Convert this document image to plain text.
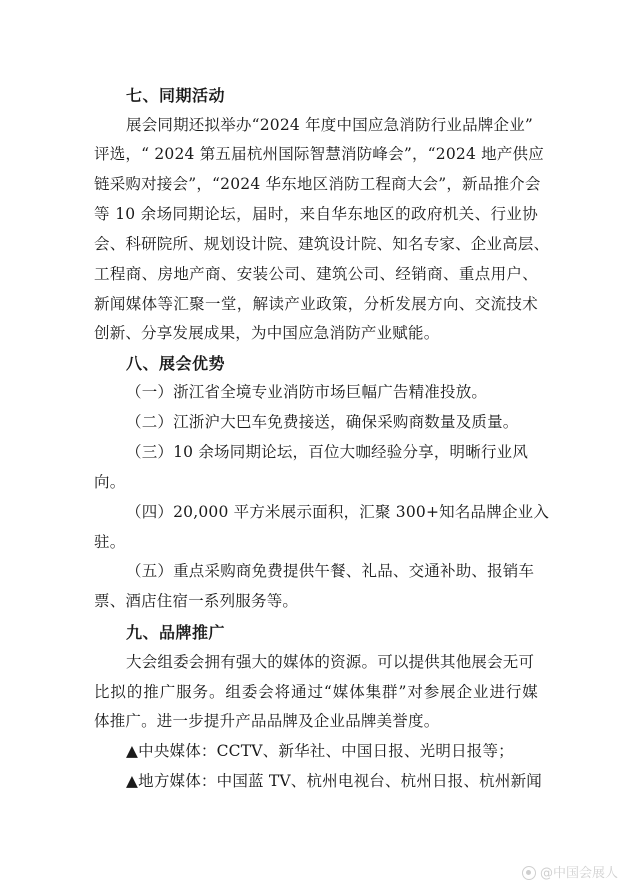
七、同期活动
展会同期还拟举办“2024 年度中国应急消防行业品牌企业”
评选，“ 2024 第五届杭州国际智慧消防峰会”，“2024 地产供应
链采购对接会”，“2024 华东地区消防工程商大会”，新品推介会
等 10 余场同期论坛，届时，来自华东地区的政府机关、行业协
会、科研院所、规划设计院、建筑设计院、知名专家、企业高层、
工程商、房地产商、安装公司、建筑公司、经销商、重点用户、
新闻媒体等汇聚一堂，解读产业政策，分析发展方向、交流技术
创新、分享发展成果，为中国应急消防产业赋能。
八、展会优势
（一）浙江省全境专业消防市场巨幅广告精准投放。
（二）江浙沪大巴车免费接送，确保采购商数量及质量。
（三）10 余场同期论坛，百位大咖经验分享，明晰行业风
向。
（四）20,000 平方米展示面积，汇聚 300+知名品牌企业入
驻。
（五）重点采购商免费提供午餐、礼品、交通补助、报销车
票、酒店住宿一系列服务等。
九、品牌推广
大会组委会拥有强大的媒体的资源。可以提供其他展会无可
比拟的推广服务。组委会将通过“媒体集群”对参展企业进行媒
体推广。进一步提升产品品牌及企业品牌美誉度。
▲中央媒体：CCTV、新华社、中国日报、光明日报等；
▲地方媒体：中国蓝 TV、杭州电视台、杭州日报、杭州新闻
@中国会展人
